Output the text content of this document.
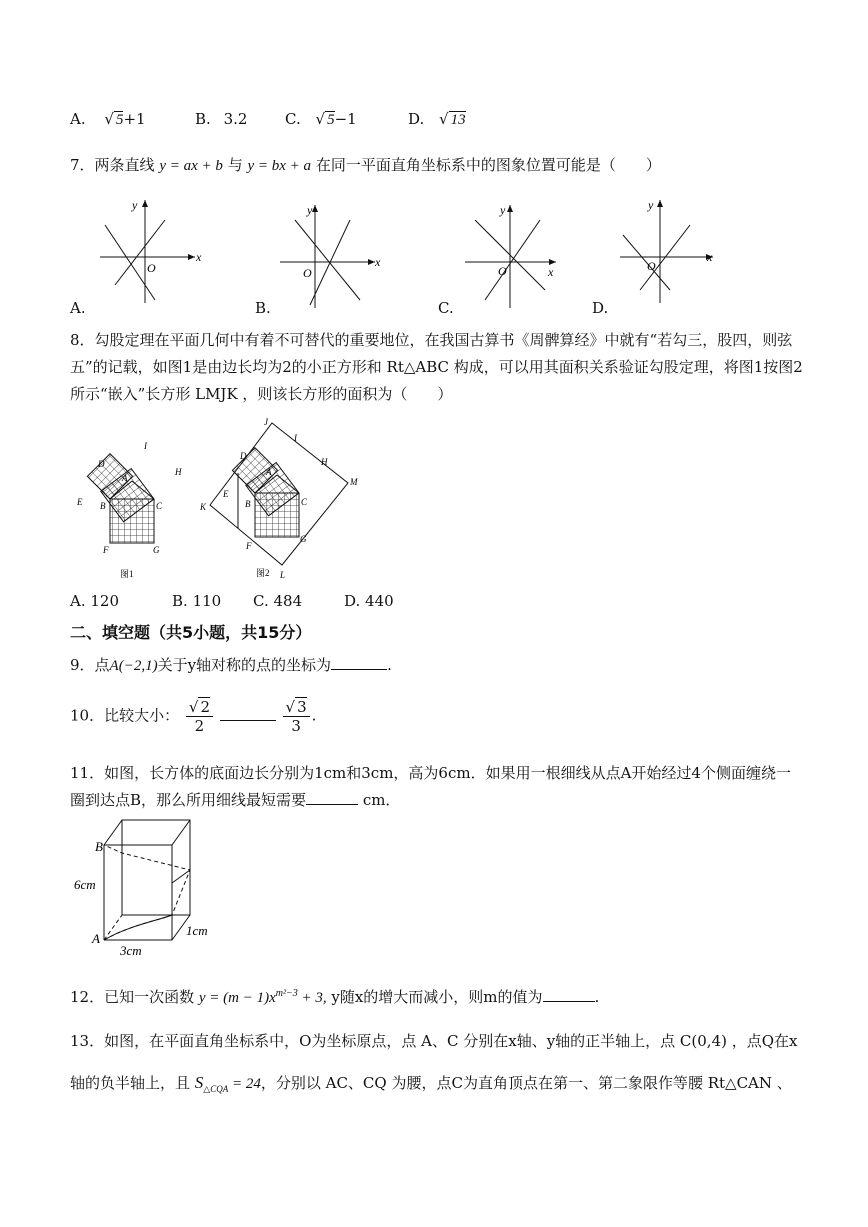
A. √ 5+1	B. 3.2	C. √ 5−1	D. √ 13
7．两条直线 y = ax + b 与 y = bx + a 在同一平面直角坐标系中的图象位置可能是（　　）
x
y
O	x
y
O	x
y
O
x
y
O
A.	B.	C.	D.
8．勾股定理在平面几何中有着不可替代的重要地位，在我国古算书《周髀算经》中就有“若勾三，股四，则弦
五”的记载，如图1是由边长均为2的小正方形和 Rt△ABC 构成，可以用其面积关系验证勾股定理，将图1按图2
所示“嵌入”长方形 LMJK ，则该长方形的面积为（　　）
D
E
A
B	C
I
H
F	G
图1
J
M
K
L
I
H
D
E
A
B	C
F
G
图2
A. 120	B. 110 C. 484	D. 440
二、填空题（共5小题，共15分）
9．点A(−2,1)关于y轴对称的点的坐标为	.
10．比较大小： $\frac{√ 2}{2}$
	$\frac{√ 3}{3}$ .
11．如图，长方体的底面边长分别为1cm和3cm，高为6cm．如果用一根细线从点A开始经过4个侧面缠绕一
圈到达点B，那么所用细线最短需要	cm．
B
A
6cm
3cm
1cm
12．已知一次函数 $y = (m - 1)x^{m^2-3} + 3$, y随x的增大而减小，则m的值为	.
13．如图，在平面直角坐标系中，O为坐标原点，点 A、C 分别在x轴、y轴的正半轴上，点 C(0,4) ，点Q在x
轴的负半轴上，且 $S_{\triangle CQA} = 24$，分别以 AC、CQ 为腰，点C为直角顶点在第一、第二象限作等腰 Rt△CAN 、
